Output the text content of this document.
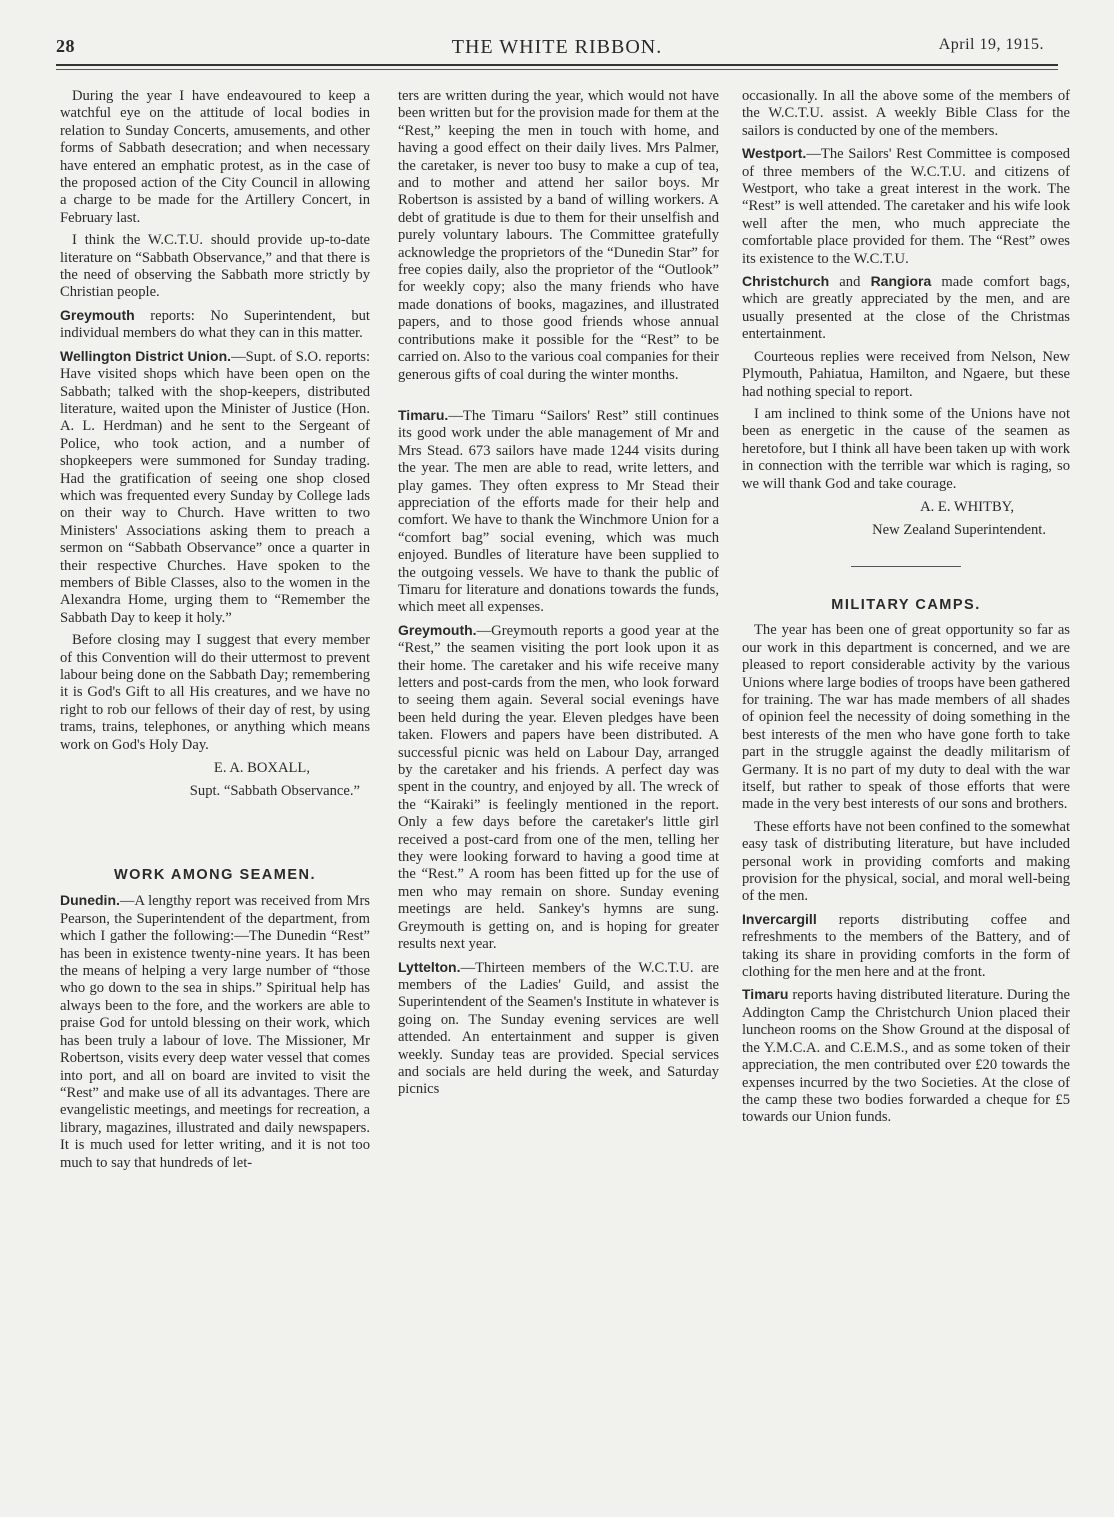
28	THE WHITE RIBBON.	April 19, 1915.

During the year I have endeavoured to keep a watchful eye on the attitude of local bodies in relation to Sunday Concerts, amusements, and other forms of Sabbath desecration; and when necessary have entered an emphatic protest, as in the case of the proposed action of the City Council in allowing a charge to be made for the Artillery Concert, in February last.

I think the W.C.T.U. should provide up-to-date literature on “Sabbath Observance,” and that there is the need of observing the Sabbath more strictly by Christian people.

Greymouth reports: No Superintendent, but individual members do what they can in this matter.

Wellington District Union.—Supt. of S.O. reports: Have visited shops which have been open on the Sabbath; talked with the shop-keepers, distributed literature, waited upon the Minister of Justice (Hon. A. L. Herdman) and he sent to the Sergeant of Police, who took action, and a number of shopkeepers were summoned for Sunday trading. Had the gratification of seeing one shop closed which was frequented every Sunday by College lads on their way to Church. Have written to two Ministers' Associations asking them to preach a sermon on “Sabbath Observance” once a quarter in their respective Churches. Have spoken to the members of Bible Classes, also to the women in the Alexandra Home, urging them to “Remember the Sabbath Day to keep it holy.”

Before closing may I suggest that every member of this Convention will do their uttermost to prevent labour being done on the Sabbath Day; remembering it is God's Gift to all His creatures, and we have no right to rob our fellows of their day of rest, by using trams, trains, telephones, or anything which means work on God's Holy Day.

E. A. BOXALL,

Supt. “Sabbath Observance.”

WORK AMONG SEAMEN.

Dunedin.—A lengthy report was received from Mrs Pearson, the Superintendent of the department, from which I gather the following:—The Dunedin “Rest” has been in existence twenty-nine years. It has been the means of helping a very large number of “those who go down to the sea in ships.” Spiritual help has always been to the fore, and the workers are able to praise God for untold blessing on their work, which has been truly a labour of love. The Missioner, Mr Robertson, visits every deep water vessel that comes into port, and all on board are invited to visit the “Rest” and make use of all its advantages. There are evangelistic meetings, and meetings for recreation, a library, magazines, illustrated and daily newspapers. It is much used for letter writing, and it is not too much to say that hundreds of let-

ters are written during the year, which would not have been written but for the provision made for them at the “Rest,” keeping the men in touch with home, and having a good effect on their daily lives. Mrs Palmer, the caretaker, is never too busy to make a cup of tea, and to mother and attend her sailor boys. Mr Robertson is assisted by a band of willing workers. A debt of gratitude is due to them for their unselfish and purely voluntary labours. The Committee gratefully acknowledge the proprietors of the “Dunedin Star” for free copies daily, also the proprietor of the “Outlook” for weekly copy; also the many friends who have made donations of books, magazines, and illustrated papers, and to those good friends whose annual contributions make it possible for the “Rest” to be carried on. Also to the various coal companies for their generous gifts of coal during the winter months.

Timaru.—The Timaru “Sailors' Rest” still continues its good work under the able management of Mr and Mrs Stead. 673 sailors have made 1244 visits during the year. The men are able to read, write letters, and play games. They often express to Mr Stead their appreciation of the efforts made for their help and comfort. We have to thank the Winchmore Union for a “comfort bag” social evening, which was much enjoyed. Bundles of literature have been supplied to the outgoing vessels. We have to thank the public of Timaru for literature and donations towards the funds, which meet all expenses.

Greymouth.—Greymouth reports a good year at the “Rest,” the seamen visiting the port look upon it as their home. The caretaker and his wife receive many letters and post-cards from the men, who look forward to seeing them again. Several social evenings have been held during the year. Eleven pledges have been taken. Flowers and papers have been distributed. A successful picnic was held on Labour Day, arranged by the caretaker and his friends. A perfect day was spent in the country, and enjoyed by all. The wreck of the “Kairaki” is feelingly mentioned in the report. Only a few days before the caretaker's little girl received a post-card from one of the men, telling her they were looking forward to having a good time at the “Rest.” A room has been fitted up for the use of men who may remain on shore. Sunday evening meetings are held. Sankey's hymns are sung. Greymouth is getting on, and is hoping for greater results next year.

Lyttelton.—Thirteen members of the W.C.T.U. are members of the Ladies' Guild, and assist the Superintendent of the Seamen's Institute in whatever is going on. The Sunday evening services are well attended. An entertainment and supper is given weekly. Sunday teas are provided. Special services and socials are held during the week, and Saturday picnics

occasionally. In all the above some of the members of the W.C.T.U. assist. A weekly Bible Class for the sailors is conducted by one of the members.

Westport.—The Sailors' Rest Committee is composed of three members of the W.C.T.U. and citizens of Westport, who take a great interest in the work. The “Rest” is well attended. The caretaker and his wife look well after the men, who much appreciate the comfortable place provided for them. The “Rest” owes its existence to the W.C.T.U.

Christchurch and Rangiora made comfort bags, which are greatly appreciated by the men, and are usually presented at the close of the Christmas entertainment.

Courteous replies were received from Nelson, New Plymouth, Pahiatua, Hamilton, and Ngaere, but these had nothing special to report.

I am inclined to think some of the Unions have not been as energetic in the cause of the seamen as heretofore, but I think all have been taken up with work in connection with the terrible war which is raging, so we will thank God and take courage.

A. E. WHITBY,

New Zealand Superintendent.

MILITARY CAMPS.

The year has been one of great opportunity so far as our work in this department is concerned, and we are pleased to report considerable activity by the various Unions where large bodies of troops have been gathered for training. The war has made members of all shades of opinion feel the necessity of doing something in the best interests of the men who have gone forth to take part in the struggle against the deadly militarism of Germany. It is no part of my duty to deal with the war itself, but rather to speak of those efforts that were made in the very best interests of our sons and brothers.

These efforts have not been confined to the somewhat easy task of distributing literature, but have included personal work in providing comforts and making provision for the physical, social, and moral well-being of the men.

Invercargill reports distributing coffee and refreshments to the members of the Battery, and of taking its share in providing comforts in the form of clothing for the men here and at the front.

Timaru reports having distributed literature. During the Addington Camp the Christchurch Union placed their luncheon rooms on the Show Ground at the disposal of the Y.M.C.A. and C.E.M.S., and as some token of their appreciation, the men contributed over £20 towards the expenses incurred by the two Societies. At the close of the camp these two bodies forwarded a cheque for £5 towards our Union funds.
